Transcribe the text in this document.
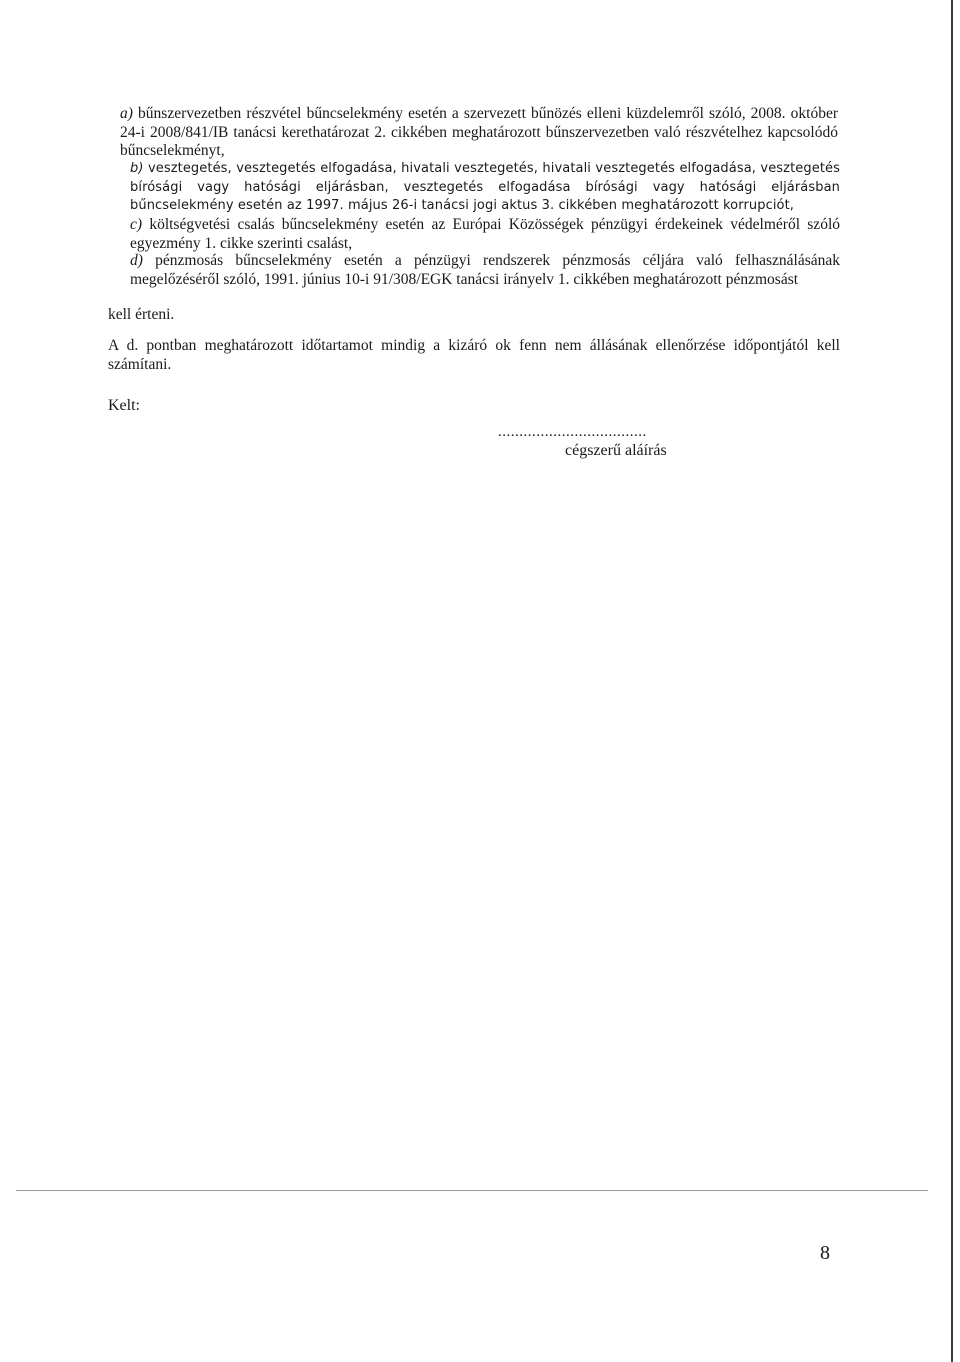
a) bűnszervezetben részvétel bűncselekmény esetén a szervezett bűnözés elleni küzdelemről szóló, 2008. október 24-i 2008/841/IB tanácsi kerethatározat 2. cikkében meghatározott bűnszervezetben való részvételhez kapcsolódó bűncselekményt,
b) vesztegetés, vesztegetés elfogadása, hivatali vesztegetés, hivatali vesztegetés elfogadása, vesztegetés bírósági vagy hatósági eljárásban, vesztegetés elfogadása bírósági vagy hatósági eljárásban bűncselekmény esetén az 1997. május 26-i tanácsi jogi aktus 3. cikkében meghatározott korrupciót,
c) költségvetési csalás bűncselekmény esetén az Európai Közösségek pénzügyi érdekeinek védelméről szóló egyezmény 1. cikke szerinti csalást,
d) pénzmosás bűncselekmény esetén a pénzügyi rendszerek pénzmosás céljára való felhasználásának megelőzéséről szóló, 1991. június 10-i 91/308/EGK tanácsi irányelv 1. cikkében meghatározott pénzmosást
kell érteni.
A d. pontban meghatározott időtartamot mindig a kizáró ok fenn nem állásának ellenőrzése időpontjától kell számítani.
Kelt:
...................................
cégszerű aláírás
8
